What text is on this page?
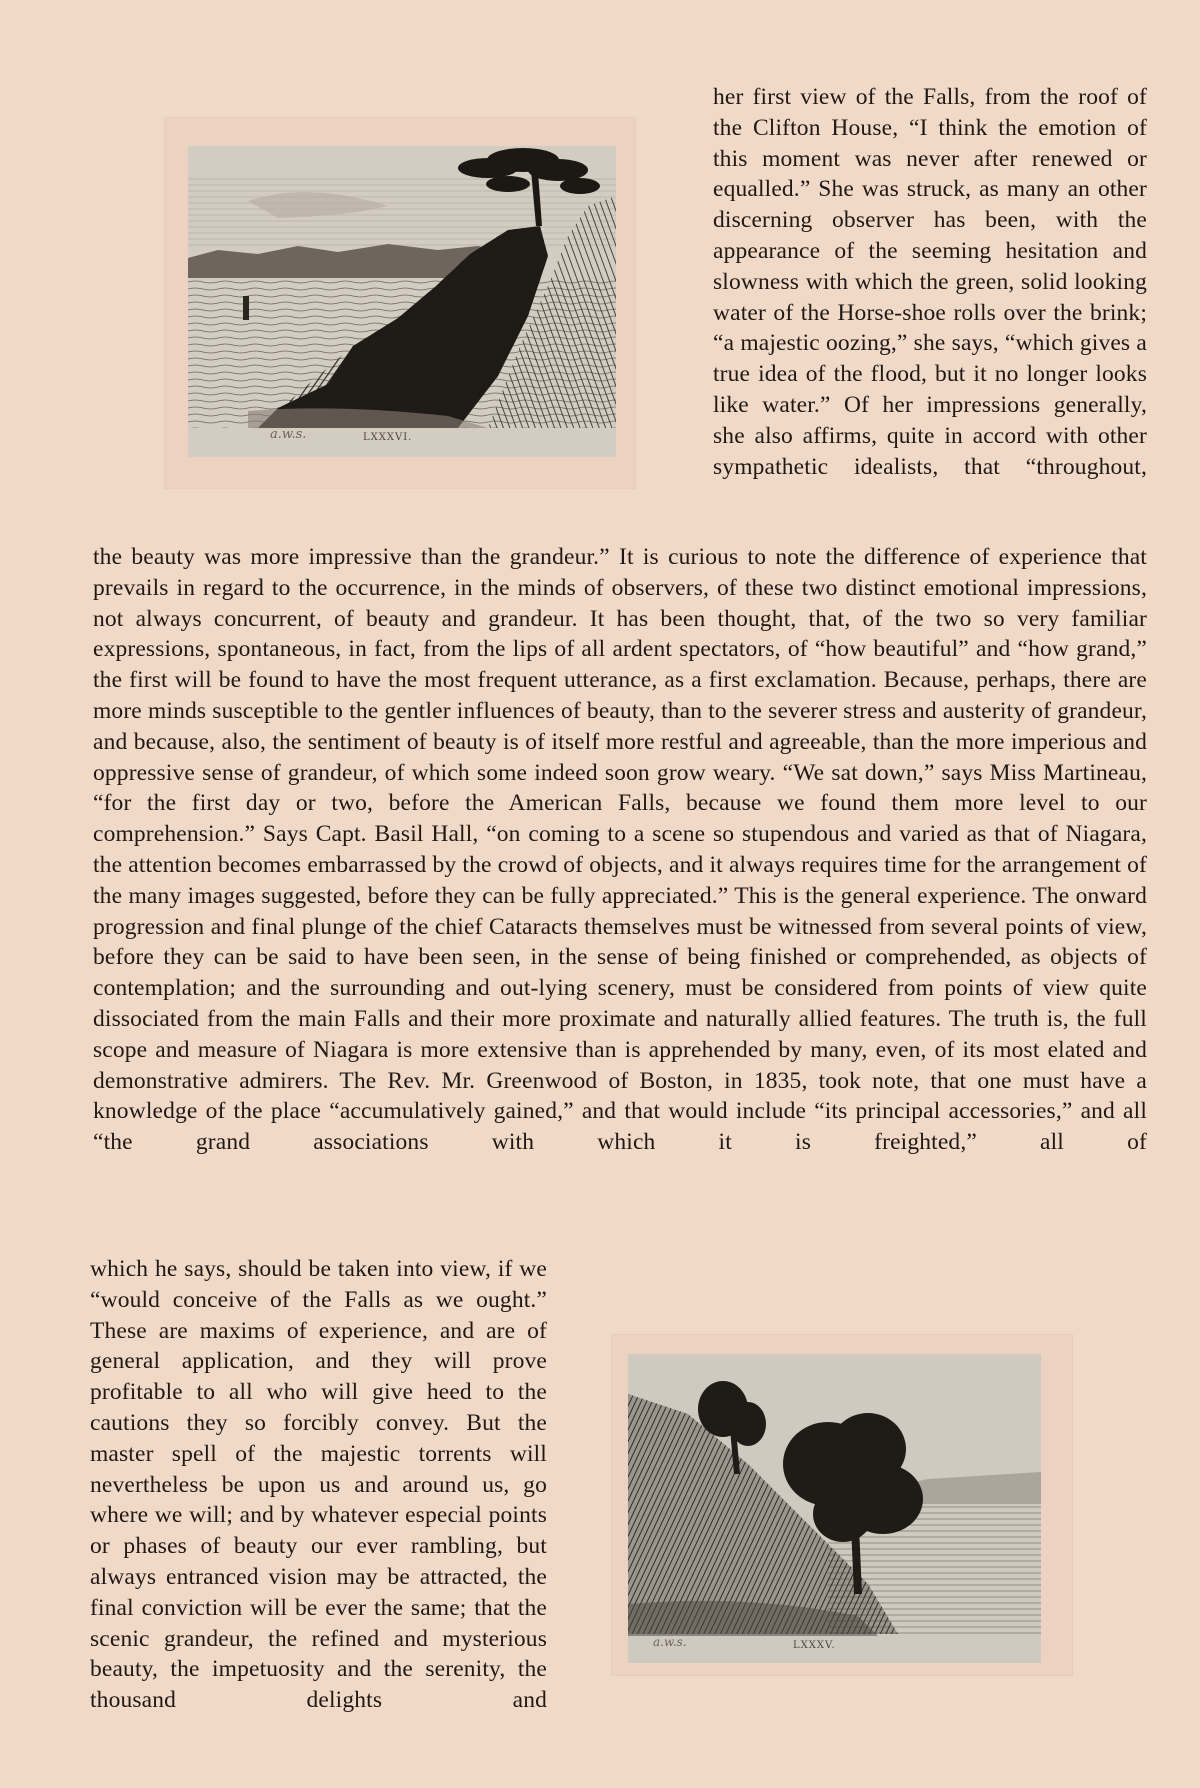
a.w.s.	LXXXVI.
her first view of the Falls, from the roof of the Clifton House, “I think the emotion of this moment was never after renewed or equalled.” She was struck, as many an other discerning observer has been, with the appearance of the seeming hesitation and slowness with which the green, solid looking water of the Horse-shoe rolls over the brink; “a majestic oozing,” she says, “which gives a true idea of the flood, but it no longer looks like water.” Of her impressions generally, she also affirms, quite in accord with other sympathetic idealists, that “throughout,
the beauty was more impressive than the grandeur.” It is curious to note the difference of experience that prevails in regard to the occurrence, in the minds of observers, of these two distinct emotional impressions, not always concurrent, of beauty and grandeur. It has been thought, that, of the two so very familiar expressions, spontaneous, in fact, from the lips of all ardent spectators, of “how beautiful” and “how grand,” the first will be found to have the most frequent utterance, as a first exclamation. Because, perhaps, there are more minds susceptible to the gentler influences of beauty, than to the severer stress and austerity of grandeur, and because, also, the sentiment of beauty is of itself more restful and agreeable, than the more imperious and oppressive sense of grandeur, of which some indeed soon grow weary. “We sat down,” says Miss Martineau, “for the first day or two, before the American Falls, because we found them more level to our comprehension.” Says Capt. Basil Hall, “on coming to a scene so stupendous and varied as that of Niagara, the attention becomes embarrassed by the crowd of objects, and it always requires time for the arrangement of the many images suggested, before they can be fully appreciated.” This is the general experience. The onward progression and final plunge of the chief Cataracts themselves must be witnessed from several points of view, before they can be said to have been seen, in the sense of being finished or comprehended, as objects of contemplation; and the surrounding and out-lying scenery, must be considered from points of view quite dissociated from the main Falls and their more proximate and naturally allied features. The truth is, the full scope and measure of Niagara is more extensive than is apprehended by many, even, of its most elated and demonstrative admirers. The Rev. Mr. Greenwood of Boston, in 1835, took note, that one must have a knowledge of the place “accumulatively gained,” and that would include “its principal accessories,” and all “the grand associations with which it is freighted,” all of
which he says, should be taken into view, if we “would conceive of the Falls as we ought.” These are maxims of experience, and are of general application, and they will prove profitable to all who will give heed to the cautions they so forcibly convey. But the master spell of the majestic torrents will nevertheless be upon us and around us, go where we will; and by whatever especial points or phases of beauty our ever rambling, but always entranced vision may be attracted, the final conviction will be ever the same; that the scenic grandeur, the refined and mysterious beauty, the impetuosity and the serenity, the thousand delights and
a.w.s.	LXXXV.
